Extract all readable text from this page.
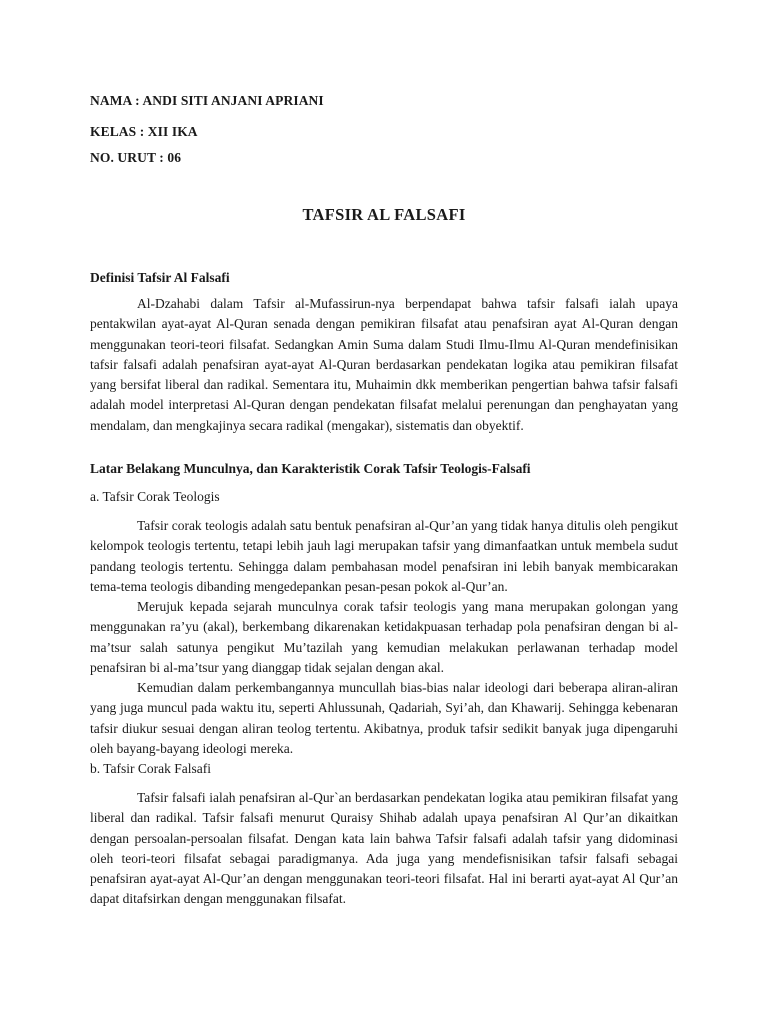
NAMA : ANDI SITI ANJANI APRIANI
KELAS : XII IKA
NO. URUT : 06
TAFSIR AL FALSAFI
Definisi Tafsir Al Falsafi

Al-Dzahabi dalam Tafsir al-Mufassirun-nya berpendapat bahwa tafsir falsafi ialah upaya pentakwilan ayat-ayat Al-Quran senada dengan pemikiran filsafat atau penafsiran ayat Al-Quran dengan menggunakan teori-teori filsafat. Sedangkan Amin Suma dalam Studi Ilmu-Ilmu Al-Quran mendefinisikan tafsir falsafi adalah penafsiran ayat-ayat Al-Quran berdasarkan pendekatan logika atau pemikiran filsafat yang bersifat liberal dan radikal. Sementara itu, Muhaimin dkk memberikan pengertian bahwa tafsir falsafi adalah model interpretasi Al-Quran dengan pendekatan filsafat melalui perenungan dan penghayatan yang mendalam, dan mengkajinya secara radikal (mengakar), sistematis dan obyektif.

Latar Belakang Munculnya, dan Karakteristik Corak Tafsir Teologis-Falsafi
a. Tafsir Corak Teologis

Tafsir corak teologis adalah satu bentuk penafsiran al-Qur’an yang tidak hanya ditulis oleh pengikut kelompok teologis tertentu, tetapi lebih jauh lagi merupakan tafsir yang dimanfaatkan untuk membela sudut pandang teologis tertentu. Sehingga dalam pembahasan model penafsiran ini lebih banyak membicarakan tema-tema teologis dibanding mengedepankan pesan-pesan pokok al-Qur’an.

Merujuk kepada sejarah munculnya corak tafsir teologis yang mana merupakan golongan yang menggunakan ra’yu (akal), berkembang dikarenakan ketidakpuasan terhadap pola penafsiran dengan bi al-ma’tsur salah satunya pengikut Mu’tazilah yang kemudian melakukan perlawanan terhadap model penafsiran bi al-ma’tsur yang dianggap tidak sejalan dengan akal.

Kemudian dalam perkembangannya muncullah bias-bias nalar ideologi dari beberapa aliran-aliran yang juga muncul pada waktu itu, seperti Ahlussunah, Qadariah, Syi’ah, dan Khawarij. Sehingga kebenaran tafsir diukur sesuai dengan aliran teolog tertentu. Akibatnya, produk tafsir sedikit banyak juga dipengaruhi oleh bayang-bayang ideologi mereka.

b. Tafsir Corak Falsafi

Tafsir falsafi ialah penafsiran al-Qur`an berdasarkan pendekatan logika atau pemikiran filsafat yang liberal dan radikal. Tafsir falsafi menurut Quraisy Shihab adalah upaya penafsiran Al Qur’an dikaitkan dengan persoalan-persoalan filsafat. Dengan kata lain bahwa Tafsir falsafi adalah tafsir yang didominasi oleh teori-teori filsafat sebagai paradigmanya. Ada juga yang mendefisnisikan tafsir falsafi sebagai penafsiran ayat-ayat Al-Qur’an dengan menggunakan teori-teori filsafat. Hal ini berarti ayat-ayat Al Qur’an dapat ditafsirkan dengan menggunakan filsafat.
